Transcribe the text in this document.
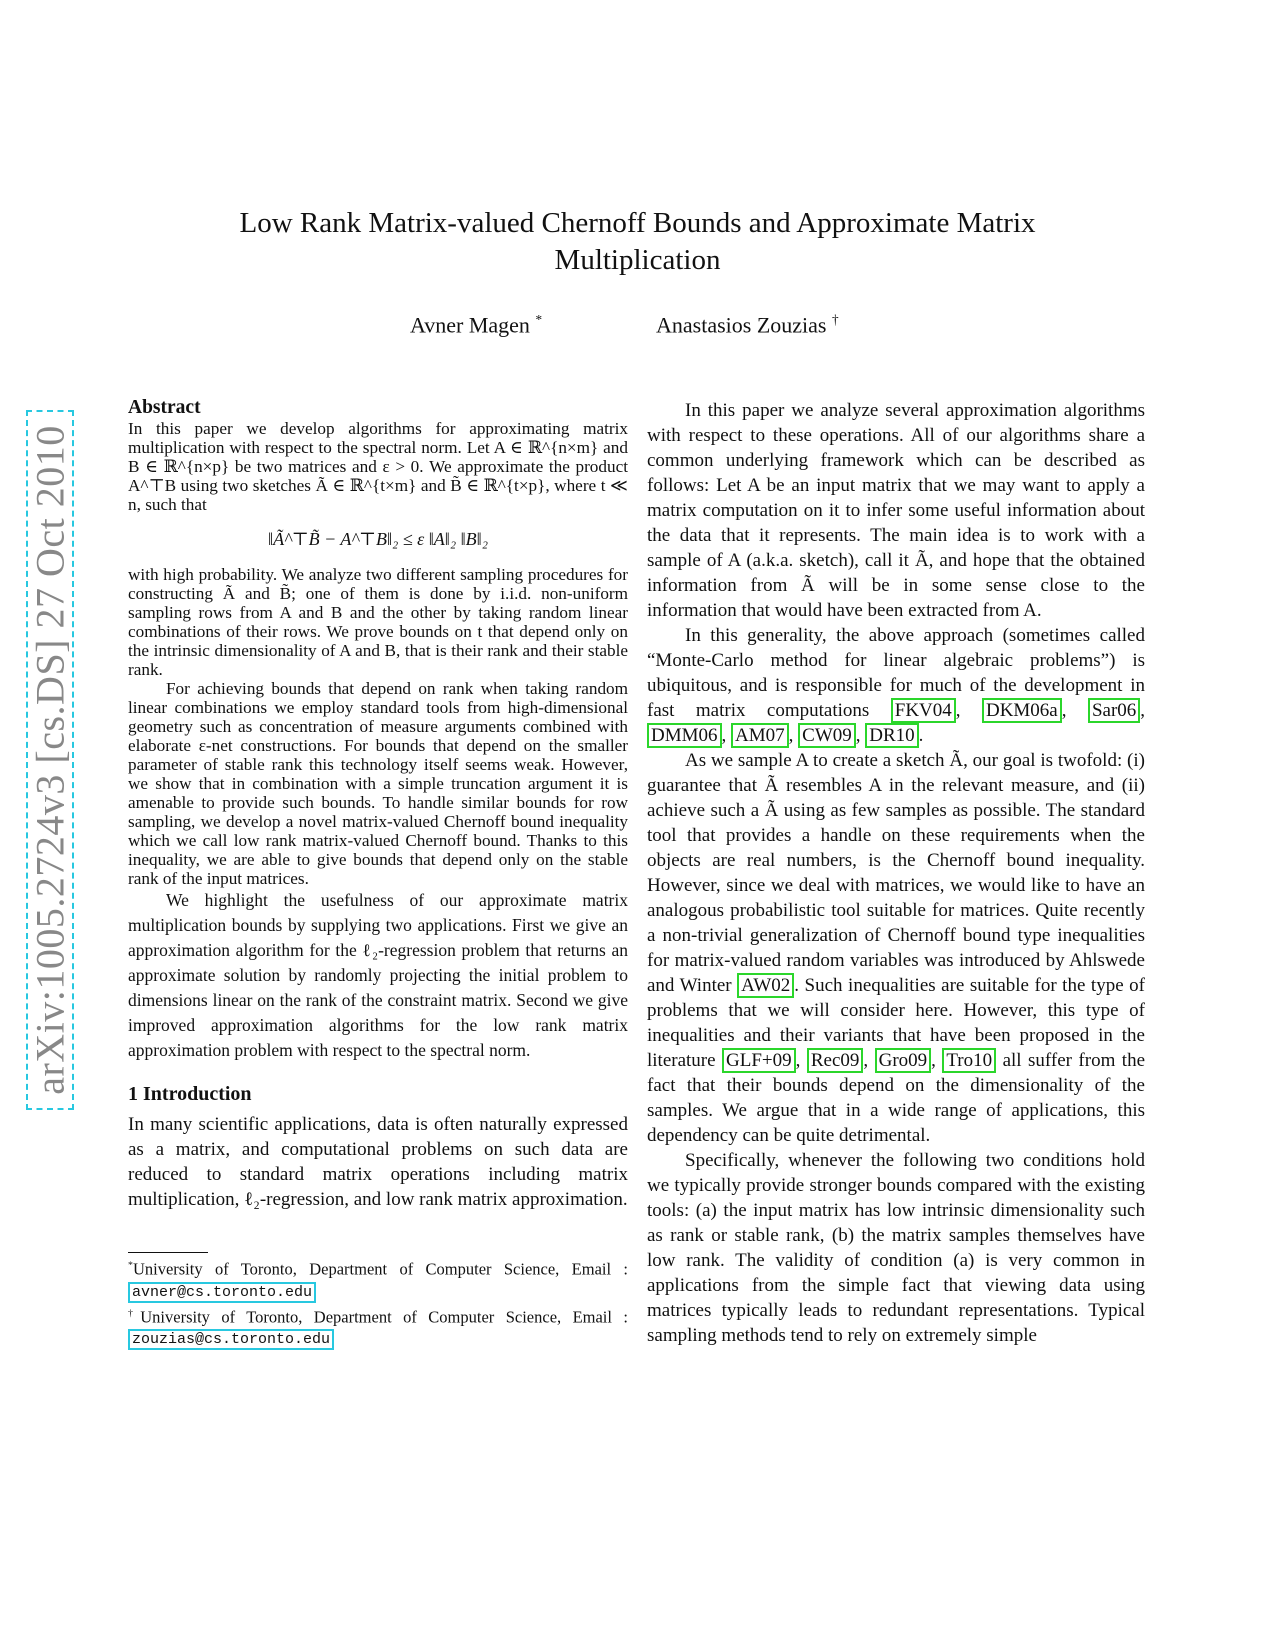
arXiv:1005.2724v3 [cs.DS] 27 Oct 2010
Low Rank Matrix-valued Chernoff Bounds and Approximate Matrix Multiplication
Avner Magen *	Anastasios Zouzias †
Abstract

In this paper we develop algorithms for approximating matrix multiplication with respect to the spectral norm. Let A ∈ ℝ^{n×m} and B ∈ ℝ^{n×p} be two matrices and ε > 0. We approximate the product A^⊤B using two sketches Ã ∈ ℝ^{t×m} and B̃ ∈ ℝ^{t×p}, where t ≪ n, such that

‖Ã^⊤B̃ − A^⊤B‖₂ ≤ ε ‖A‖₂ ‖B‖₂

with high probability. We analyze two different sampling procedures for constructing Ã and B̃; one of them is done by i.i.d. non-uniform sampling rows from A and B and the other by taking random linear combinations of their rows. We prove bounds on t that depend only on the intrinsic dimensionality of A and B, that is their rank and their stable rank.

For achieving bounds that depend on rank when taking random linear combinations we employ standard tools from high-dimensional geometry such as concentration of measure arguments combined with elaborate ε-net constructions. For bounds that depend on the smaller parameter of stable rank this technology itself seems weak. However, we show that in combination with a simple truncation argument it is amenable to provide such bounds. To handle similar bounds for row sampling, we develop a novel matrix-valued Chernoff bound inequality which we call low rank matrix-valued Chernoff bound. Thanks to this inequality, we are able to give bounds that depend only on the stable rank of the input matrices.

We highlight the usefulness of our approximate matrix multiplication bounds by supplying two applications. First we give an approximation algorithm for the ℓ₂-regression problem that returns an approximate solution by randomly projecting the initial problem to dimensions linear on the rank of the constraint matrix. Second we give improved approximation algorithms for the low rank matrix approximation problem with respect to the spectral norm.

1 Introduction

In many scientific applications, data is often naturally expressed as a matrix, and computational problems on such data are reduced to standard matrix operations including matrix multiplication, ℓ₂-regression, and low rank matrix approximation.

*University of Toronto, Department of Computer Science, Email : avner@cs.toronto.edu

†University of Toronto, Department of Computer Science, Email : zouzias@cs.toronto.edu

In this paper we analyze several approximation algorithms with respect to these operations. All of our algorithms share a common underlying framework which can be described as follows: Let A be an input matrix that we may want to apply a matrix computation on it to infer some useful information about the data that it represents. The main idea is to work with a sample of A (a.k.a. sketch), call it Ã, and hope that the obtained information from Ã will be in some sense close to the information that would have been extracted from A.

In this generality, the above approach (sometimes called “Monte-Carlo method for linear algebraic problems”) is ubiquitous, and is responsible for much of the development in fast matrix computations FKV04 , DKM06a , Sar06 , DMM06 , AM07 , CW09 , DR10 .

As we sample A to create a sketch Ã, our goal is twofold: (i) guarantee that Ã resembles A in the relevant measure, and (ii) achieve such a Ã using as few samples as possible. The standard tool that provides a handle on these requirements when the objects are real numbers, is the Chernoff bound inequality. However, since we deal with matrices, we would like to have an analogous probabilistic tool suitable for matrices. Quite recently a non-trivial generalization of Chernoff bound type inequalities for matrix-valued random variables was introduced by Ahlswede and Winter AW02 . Such inequalities are suitable for the type of problems that we will consider here. However, this type of inequalities and their variants that have been proposed in the literature GLF+09 , Rec09 , Gro09 , Tro10 all suffer from the fact that their bounds depend on the dimensionality of the samples. We argue that in a wide range of applications, this dependency can be quite detrimental.

Specifically, whenever the following two conditions hold we typically provide stronger bounds compared with the existing tools: (a) the input matrix has low intrinsic dimensionality such as rank or stable rank, (b) the matrix samples themselves have low rank. The validity of condition (a) is very common in applications from the simple fact that viewing data using matrices typically leads to redundant representations. Typical sampling methods tend to rely on extremely simple
